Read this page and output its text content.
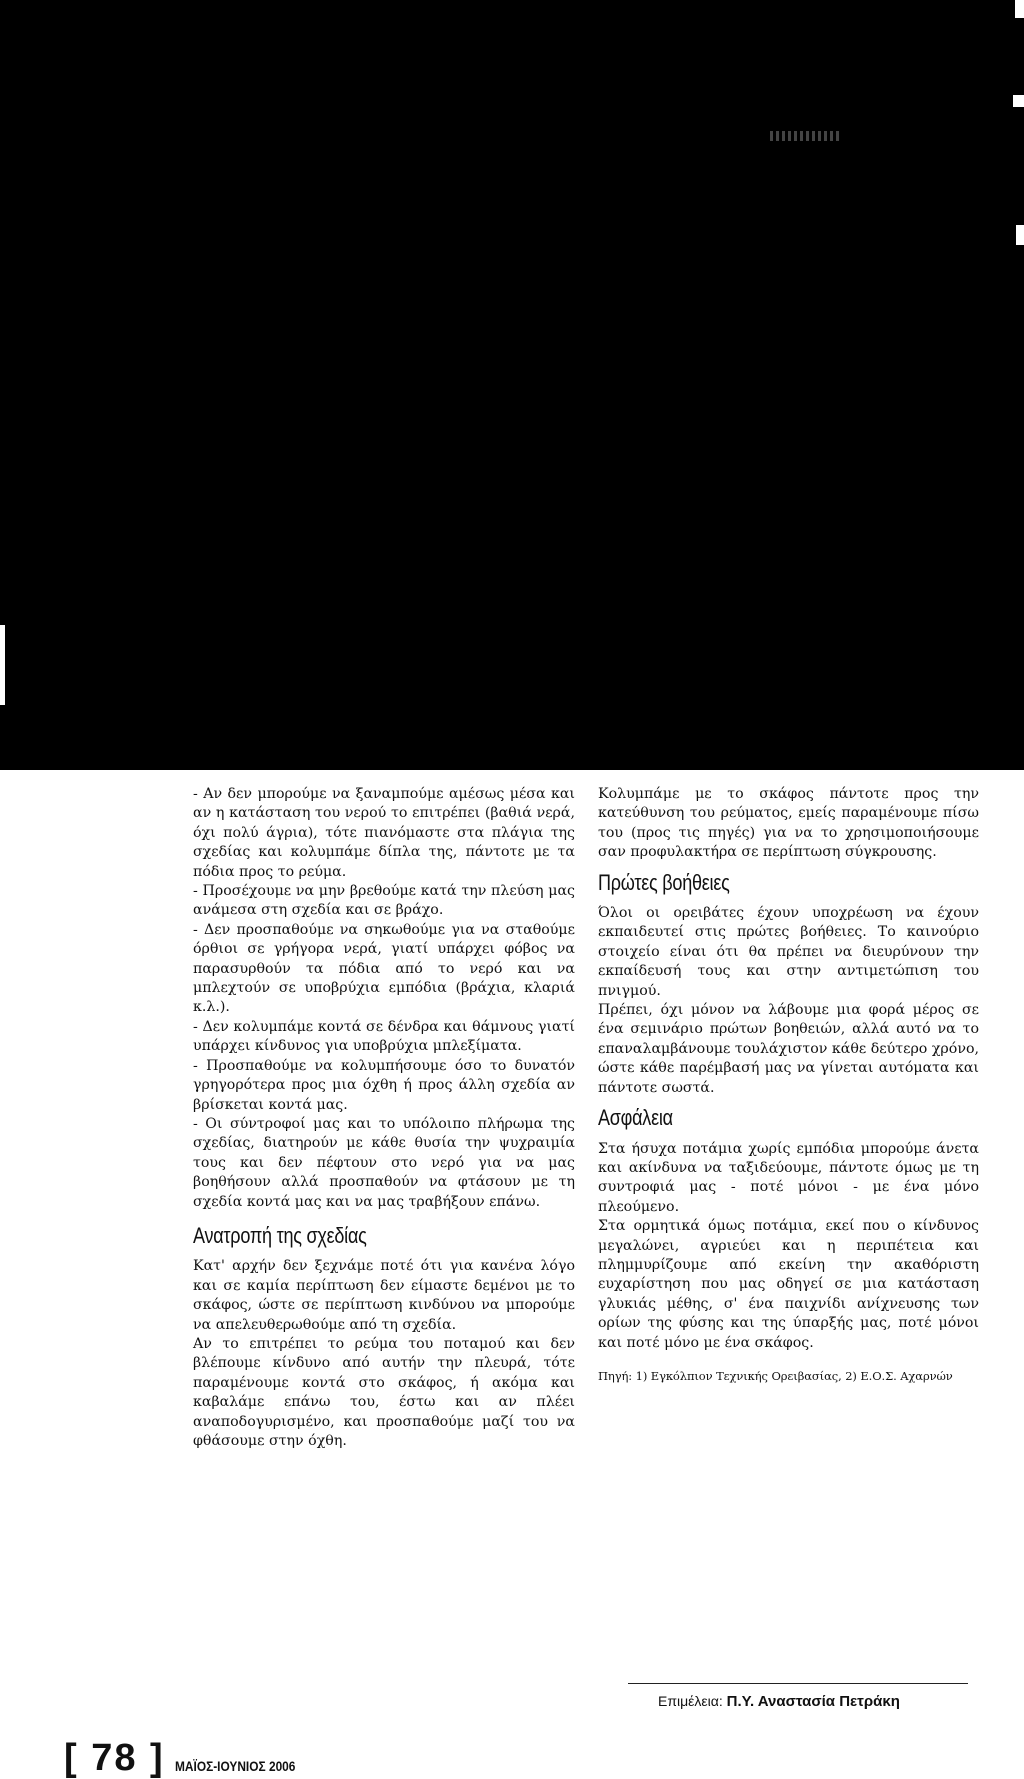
- Αν δεν μπορούμε να ξαναμπούμε αμέσως μέσα και αν η κατάσταση του νερού το επιτρέπει (βαθιά νερά, όχι πολύ άγρια), τότε πιανόμαστε στα πλάγια της σχεδίας και κολυμπάμε δίπλα της, πάντοτε με τα πόδια προς το ρεύμα.

- Προσέχουμε να μην βρεθούμε κατά την πλεύση μας ανάμεσα στη σχεδία και σε βράχο.

- Δεν προσπαθούμε να σηκωθούμε για να σταθούμε όρθιοι σε γρήγορα νερά, γιατί υπάρχει φόβος να παρασυρθούν τα πόδια από το νερό και να μπλεχτούν σε υποβρύχια εμπόδια (βράχια, κλαριά κ.λ.).

- Δεν κολυμπάμε κοντά σε δένδρα και θάμνους γιατί υπάρχει κίνδυνος για υποβρύχια μπλεξίματα.

- Προσπαθούμε να κολυμπήσουμε όσο το δυνατόν γρηγορότερα προς μια όχθη ή προς άλλη σχεδία αν βρίσκεται κοντά μας.

- Οι σύντροφοί μας και το υπόλοιπο πλήρωμα της σχεδίας, διατηρούν με κάθε θυσία την ψυχραιμία τους και δεν πέφτουν στο νερό για να μας βοηθήσουν αλλά προσπαθούν να φτάσουν με τη σχεδία κοντά μας και να μας τραβήξουν επάνω.

Ανατροπή της σχεδίας

Κατ' αρχήν δεν ξεχνάμε ποτέ ότι για κανένα λόγο και σε καμία περίπτωση δεν είμαστε δεμένοι με το σκάφος, ώστε σε περίπτωση κινδύνου να μπορούμε να απελευθερωθούμε από τη σχεδία.

Αν το επιτρέπει το ρεύμα του ποταμού και δεν βλέπουμε κίνδυνο από αυτήν την πλευρά, τότε παραμένουμε κοντά στο σκάφος, ή ακόμα και καβαλάμε επάνω του, έστω και αν πλέει αναποδογυρισμένο, και προσπαθούμε μαζί του να φθάσουμε στην όχθη.

Κολυμπάμε με το σκάφος πάντοτε προς την κατεύθυνση του ρεύματος, εμείς παραμένουμε πίσω του (προς τις πηγές) για να το χρησιμοποιήσουμε σαν προφυλακτήρα σε περίπτωση σύγκρουσης.

Πρώτες βοήθειες

Όλοι οι ορειβάτες έχουν υποχρέωση να έχουν εκπαιδευτεί στις πρώτες βοήθειες. Το καινούριο στοιχείο είναι ότι θα πρέπει να διευρύνουν την εκπαίδευσή τους και στην αντιμετώπιση του πνιγμού.

Πρέπει, όχι μόνον να λάβουμε μια φορά μέρος σε ένα σεμινάριο πρώτων βοηθειών, αλλά αυτό να το επαναλαμβάνουμε τουλάχιστον κάθε δεύτερο χρόνο, ώστε κάθε παρέμβασή μας να γίνεται αυτόματα και πάντοτε σωστά.

Ασφάλεια

Στα ήσυχα ποτάμια χωρίς εμπόδια μπορούμε άνετα και ακίνδυνα να ταξιδεύουμε, πάντοτε όμως με τη συντροφιά μας - ποτέ μόνοι - με ένα μόνο πλεούμενο.

Στα ορμητικά όμως ποτάμια, εκεί που ο κίνδυνος μεγαλώνει, αγριεύει και η περιπέτεια και πλημμυρίζουμε από εκείνη την ακαθόριστη ευχαρίστηση που μας οδηγεί σε μια κατάσταση γλυκιάς μέθης, σ' ένα παιχνίδι ανίχνευσης των ορίων της φύσης και της ύπαρξής μας, ποτέ μόνοι και ποτέ μόνο με ένα σκάφος.

Πηγή: 1) Εγκόλπιον Τεχνικής Ορειβασίας, 2) Ε.Ο.Σ. Αχαρνών
Επιμέλεια: Π.Υ. Αναστασία Πετράκη
[ 78 ] ΜΑΪΟΣ-ΙΟΥΝΙΟΣ 2006
